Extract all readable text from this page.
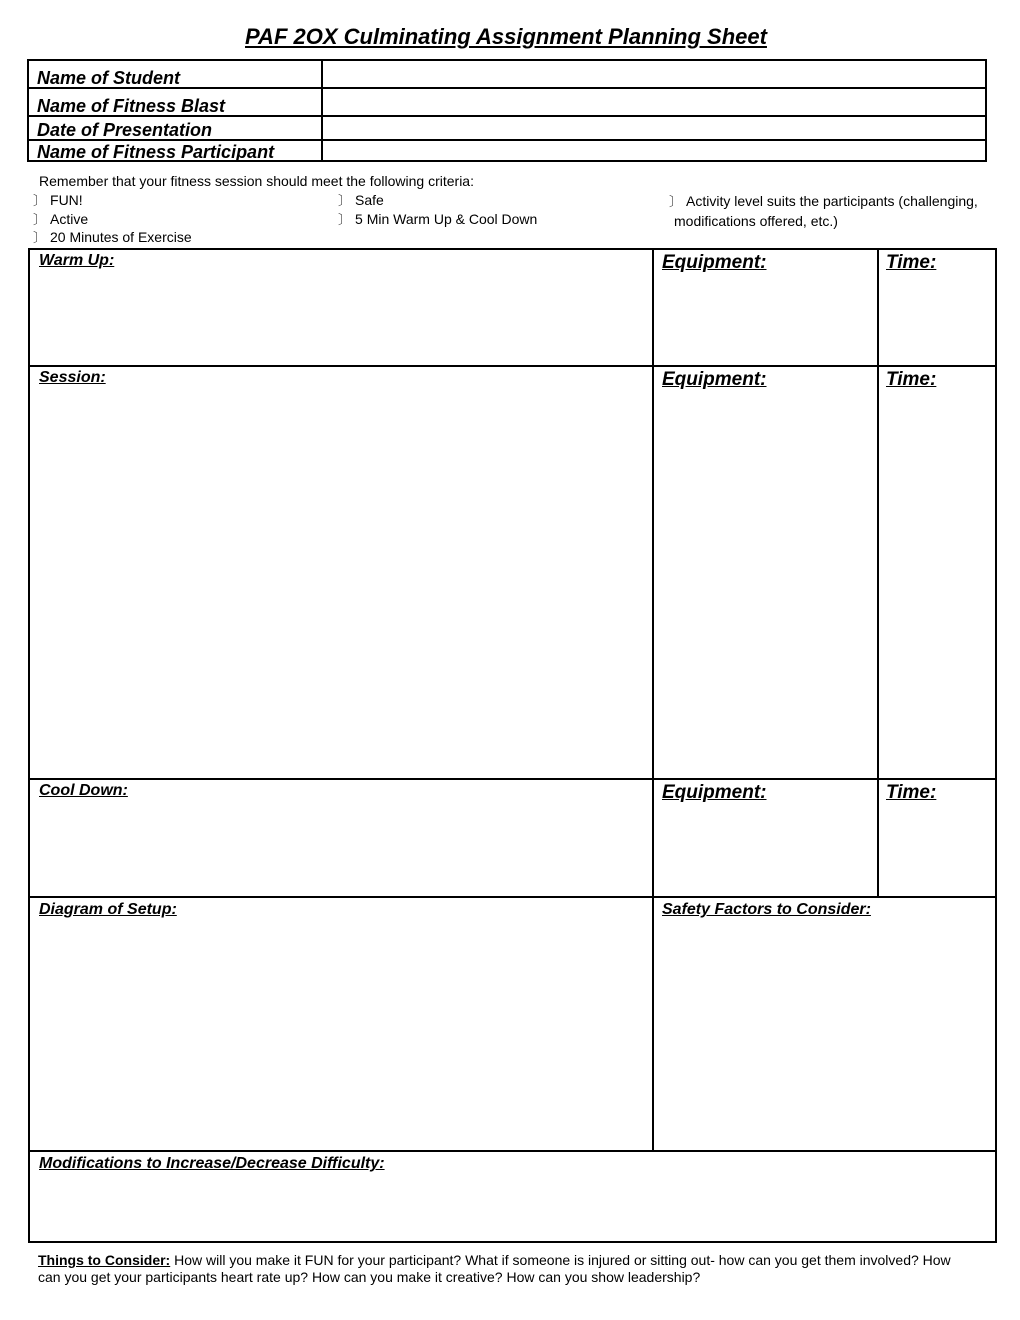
PAF 2OX Culminating Assignment Planning Sheet
Name of Student
Name of Fitness Blast
Date of Presentation
Name of Fitness Participant
Remember that your fitness session should meet the following criteria:
〕 FUN!
〕 Active
〕 20 Minutes of Exercise
〕 Safe
〕 5 Min Warm Up & Cool Down
〕 Activity level suits the participants (challenging,
modifications offered, etc.)
Warm Up:	Equipment:	Time:
Session:	Equipment:	Time:
Cool Down:	Equipment:	Time:
Diagram of Setup:	Safety Factors to Consider:
Modifications to Increase/Decrease Difficulty:
Things to Consider: How will you make it FUN for your participant? What if someone is injured or sitting out- how can you get them involved? How can you get your participants heart rate up? How can you make it creative? How can you show leadership?
